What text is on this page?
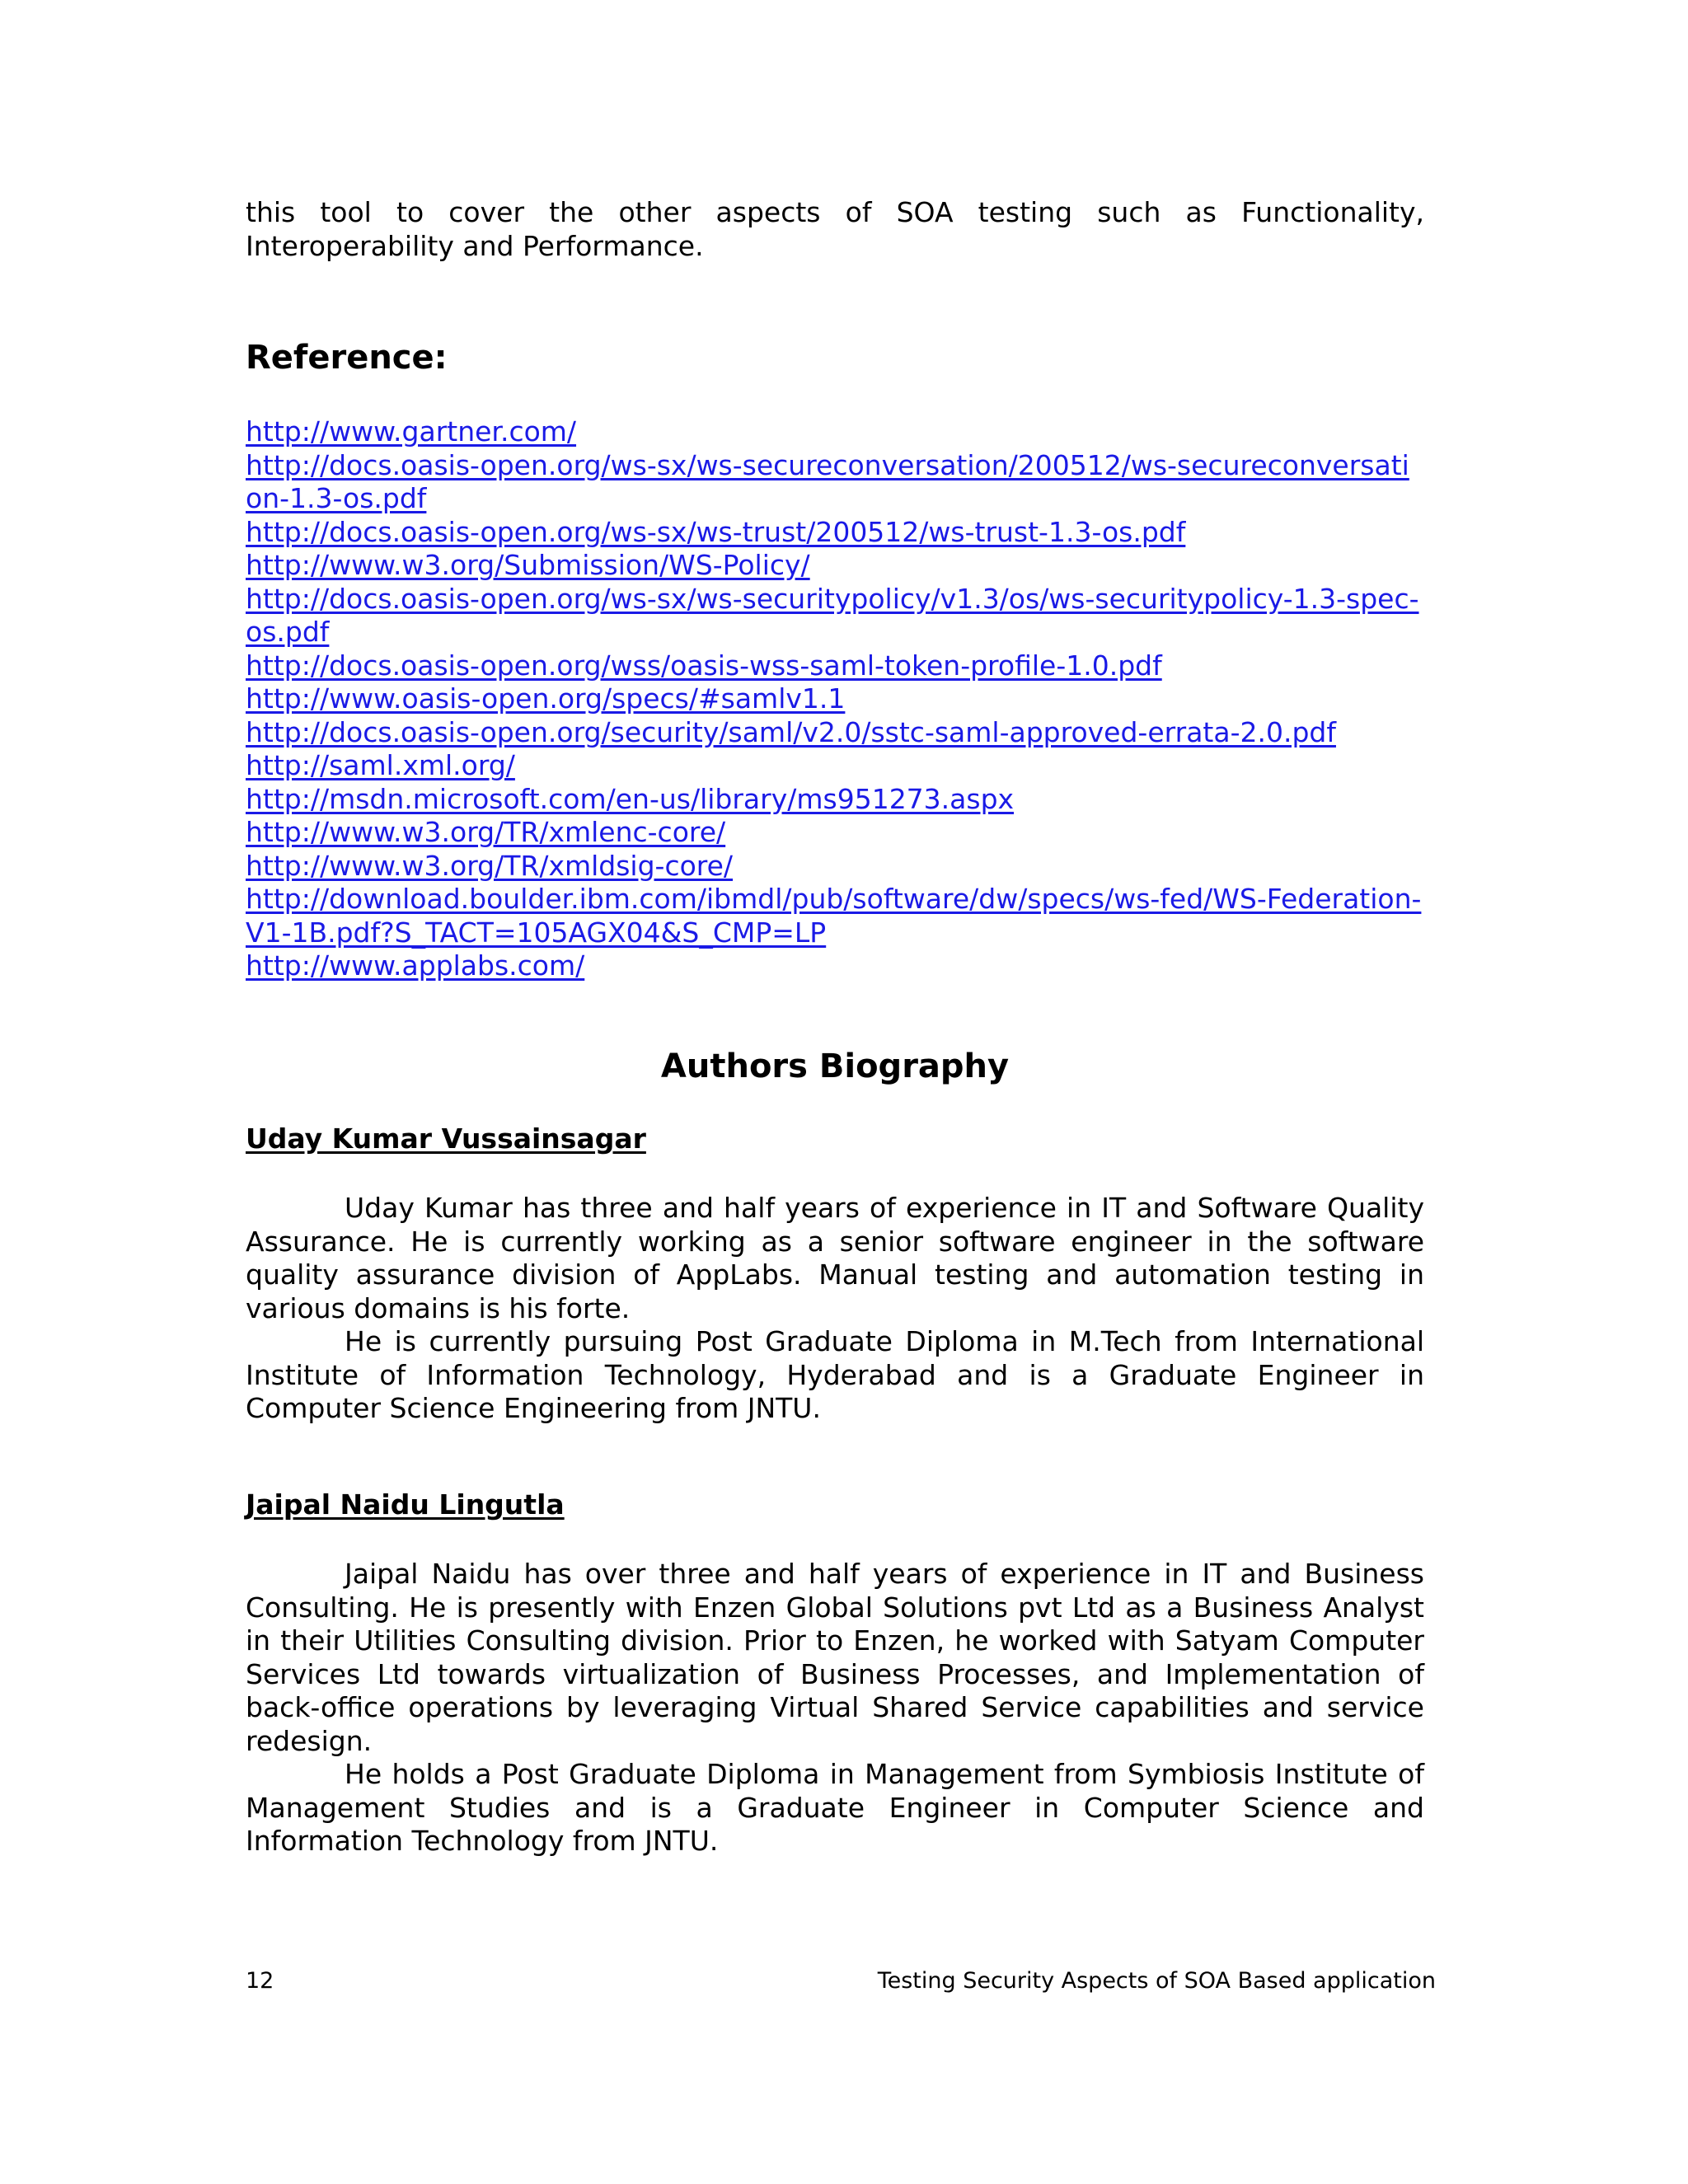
this tool to cover the other aspects of SOA testing such as Functionality, Interoperability and Performance.

Reference:
http://www.gartner.com/
http://docs.oasis-open.org/ws-sx/ws-secureconversation/200512/ws-secureconversation-1.3-os.pdf
http://docs.oasis-open.org/ws-sx/ws-trust/200512/ws-trust-1.3-os.pdf
http://www.w3.org/Submission/WS-Policy/
http://docs.oasis-open.org/ws-sx/ws-securitypolicy/v1.3/os/ws-securitypolicy-1.3-spec-os.pdf
http://docs.oasis-open.org/wss/oasis-wss-saml-token-profile-1.0.pdf
http://www.oasis-open.org/specs/#samlv1.1
http://docs.oasis-open.org/security/saml/v2.0/sstc-saml-approved-errata-2.0.pdf
http://saml.xml.org/
http://msdn.microsoft.com/en-us/library/ms951273.aspx
http://www.w3.org/TR/xmlenc-core/
http://www.w3.org/TR/xmldsig-core/
http://download.boulder.ibm.com/ibmdl/pub/software/dw/specs/ws-fed/WS-Federation-V1-1B.pdf?S_TACT=105AGX04&S_CMP=LP
http://www.applabs.com/
Authors Biography
Uday Kumar Vussainsagar

Uday Kumar has three and half years of experience in IT and Software Quality Assurance. He is currently working as a senior software engineer in the software quality assurance division of AppLabs. Manual testing and automation testing in various domains is his forte.

He is currently pursuing Post Graduate Diploma in M.Tech from International Institute of Information Technology, Hyderabad and is a Graduate Engineer in Computer Science Engineering from JNTU.

Jaipal Naidu Lingutla

Jaipal Naidu has over three and half years of experience in IT and Business Consulting. He is presently with Enzen Global Solutions pvt Ltd as a Business Analyst in their Utilities Consulting division. Prior to Enzen, he worked with Satyam Computer Services Ltd towards virtualization of Business Processes, and Implementation of back-office operations by leveraging Virtual Shared Service capabilities and service redesign.

He holds a Post Graduate Diploma in Management from Symbiosis Institute of Management Studies and is a Graduate Engineer in Computer Science and Information Technology from JNTU.

12	Testing Security Aspects of SOA Based application
